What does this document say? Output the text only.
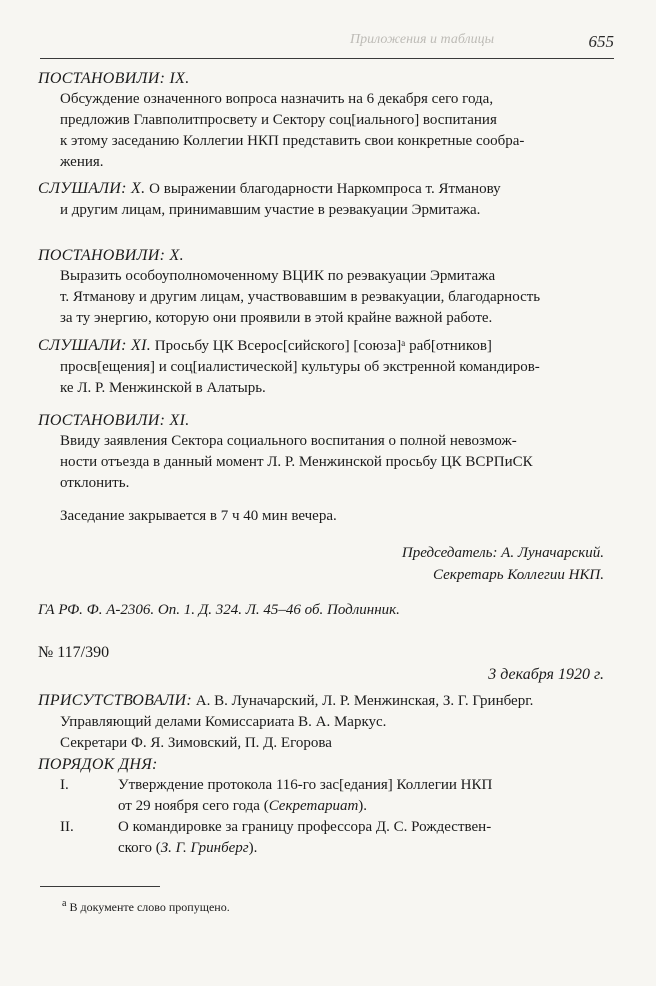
Приложения и таблицы	655
ПОСТАНОВИЛИ: IX.
Обсуждение означенного вопроса назначить на 6 декабря сего года,
предложив Главполитпросвету и Сектору соц[иального] воспитания
к этому заседанию Коллегии НКП представить свои конкретные сообра-
жения.
СЛУШАЛИ: X. О выражении благодарности Наркомпроса т. Ятманову
и другим лицам, принимавшим участие в реэвакуации Эрмитажа.
ПОСТАНОВИЛИ: X.
Выразить особоуполномоченному ВЦИК по реэвакуации Эрмитажа
т. Ятманову и другим лицам, участвовавшим в реэвакуации, благодарность
за ту энергию, которую они проявили в этой крайне важной работе.
СЛУШАЛИ: XI. Просьбу ЦК Всерос[сийского] [союза]ᵃ раб[отников]
просв[ещения] и соц[иалистической] культуры об экстренной командиров-
ке Л. Р. Менжинской в Алатырь.
ПОСТАНОВИЛИ: XI.
Ввиду заявления Сектора социального воспитания о полной невозмож-
ности отъезда в данный момент Л. Р. Менжинской просьбу ЦК ВСРПиСК
отклонить.
Заседание закрывается в 7 ч 40 мин вечера.
Председатель: А. Луначарский.
Секретарь Коллегии НКП.
ГА РФ. Ф. А-2306. Оп. 1. Д. 324. Л. 45–46 об. Подлинник.
№ 117/390
3 декабря 1920 г.
ПРИСУТСТВОВАЛИ: А. В. Луначарский, Л. Р. Менжинская, З. Г. Гринберг.
Управляющий делами Комиссариата В. А. Маркус.
Секретари Ф. Я. Зимовский, П. Д. Егорова
ПОРЯДОК ДНЯ:
I.	Утверждение протокола 116-го зас[едания] Коллегии НКП
от 29 ноября сего года (Секретариат).
II.	О командировке за границу профессора Д. С. Рождествен-
ского (З. Г. Гринберг).
$^а$ В документе слово пропущено.
